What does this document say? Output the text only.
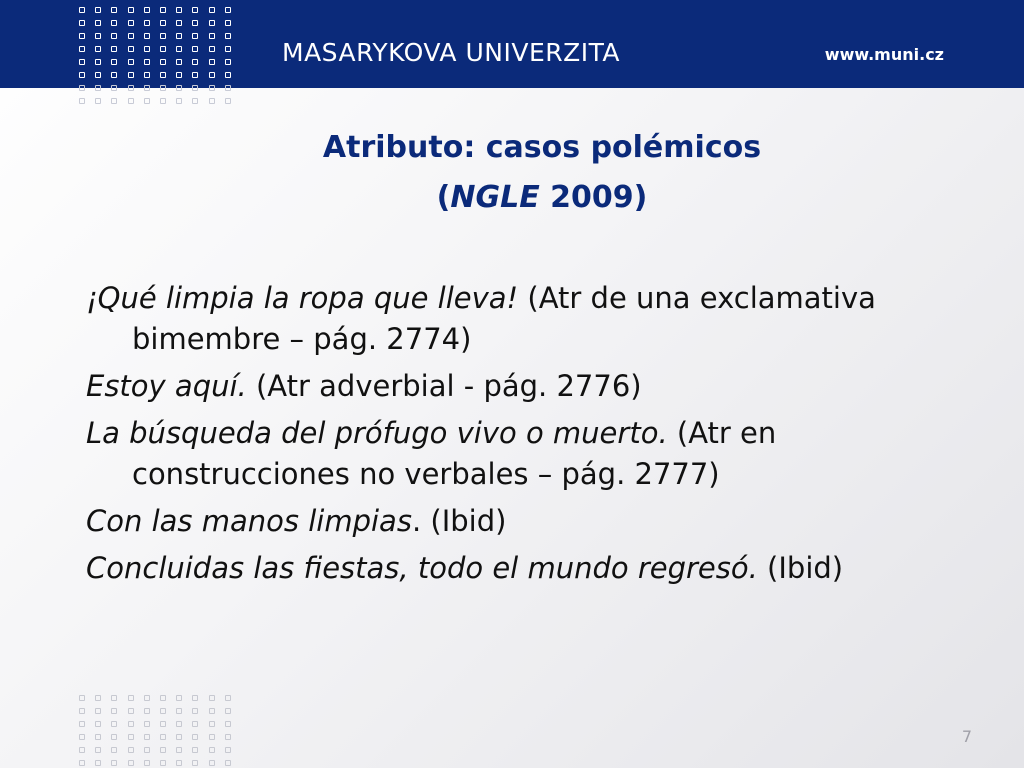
MASARYKOVA UNIVERZITA	www.muni.cz
Atributo: casos polémicos
(NGLE 2009)
¡Qué limpia la ropa que lleva! (Atr de una exclamativa bimembre – pág. 2774)
Estoy aquí. (Atr adverbial - pág. 2776)
La búsqueda del prófugo vivo o muerto. (Atr en construcciones no verbales – pág. 2777)
Con las manos limpias. (Ibid)
Concluidas las fiestas, todo el mundo regresó. (Ibid)
7
